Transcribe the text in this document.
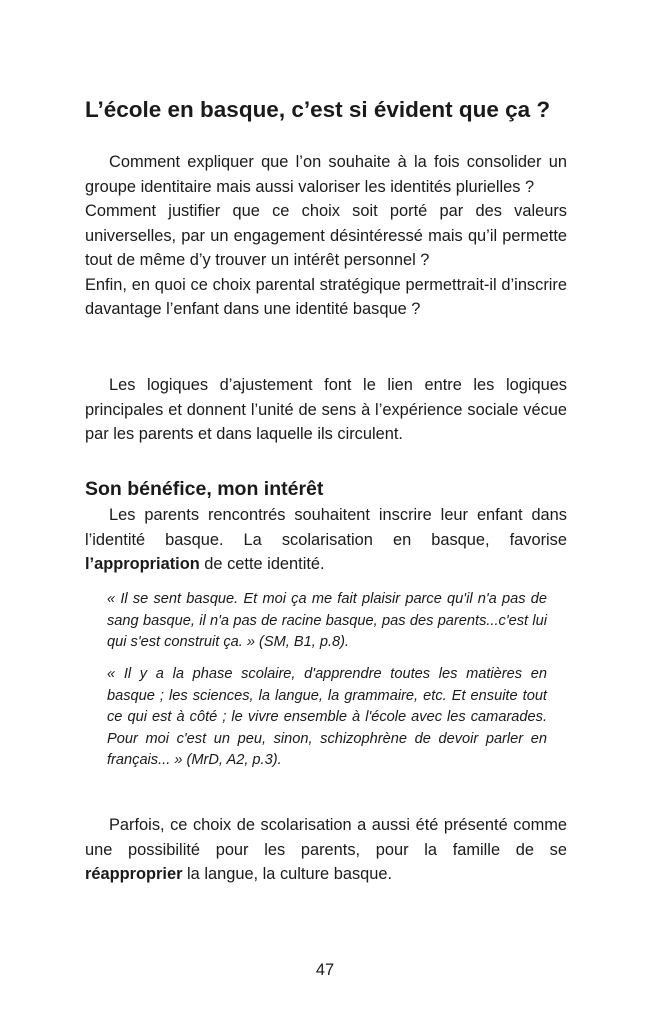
L’école en basque, c’est si évident que ça ?

Comment expliquer que l’on souhaite à la fois consolider un groupe identitaire mais aussi valoriser les identités plurielles ?

Comment justifier que ce choix soit porté par des valeurs universelles, par un engagement désintéressé mais qu’il permette tout de même d’y trouver un intérêt personnel ?

Enfin, en quoi ce choix parental stratégique permettrait-il d’inscrire davantage l’enfant dans une identité basque ?

Les logiques d’ajustement font le lien entre les logiques principales et donnent l’unité de sens à l’expérience sociale vécue par les parents et dans laquelle ils circulent.

Son bénéfice, mon intérêt

Les parents rencontrés souhaitent inscrire leur enfant dans l’identité basque. La scolarisation en basque, favorise l’appropriation de cette identité.

« Il se sent basque. Et moi ça me fait plaisir parce qu'il n'a pas de sang basque, il n'a pas de racine basque, pas des parents...c'est lui qui s'est construit ça. » (SM, B1, p.8).

« Il y a la phase scolaire, d'apprendre toutes les matières en basque ; les sciences, la langue, la grammaire, etc. Et ensuite tout ce qui est à côté ; le vivre ensemble à l'école avec les camarades. Pour moi c'est un peu, sinon, schizophrène de devoir parler en français... » (MrD, A2, p.3).

Parfois, ce choix de scolarisation a aussi été présenté comme une possibilité pour les parents, pour la famille de se réapproprier la langue, la culture basque.

47
